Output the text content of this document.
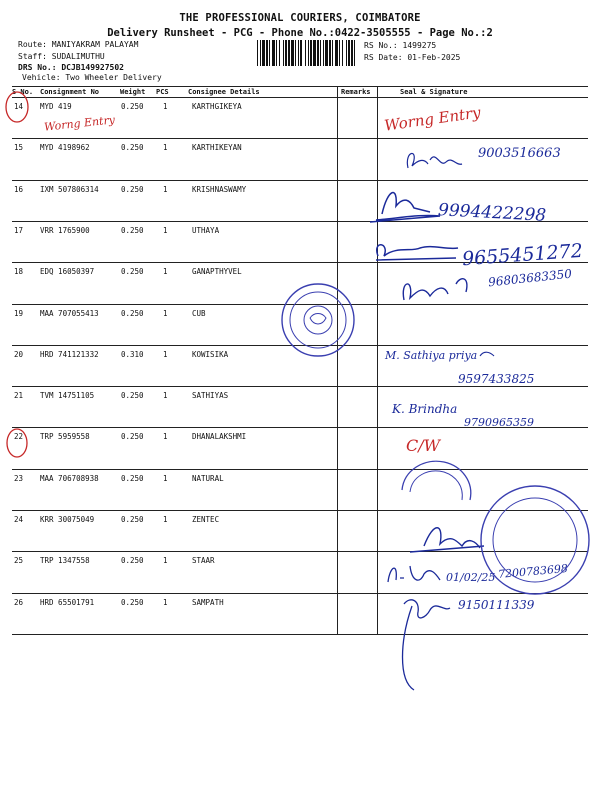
THE PROFESSIONAL COURIERS, COIMBATORE
Delivery Runsheet - PCG - Phone No.:0422-3505555 - Page No.:2
Route: MANIYAKRAM PALAYAM
Staff: SUDALIMUTHU
DRS No.: DCJB149927502
Vehicle: Two Wheeler Delivery
RS No.: 1499275
RS Date: 01-Feb-2025
S No. Consignment No	Weight PCS	Consignee Details	Remarks	Seal & Signature
14 MYD 419	0.250	1	KARTHGIKEYA
15 MYD 4198962	0.250	1	KARTHIKEYAN
16 IXM 507806314	0.250	1	KRISHNASWAMY
17 VRR 1765900	0.250	1	UTHAYA
18 EDQ 16050397	0.250	1	GANAPTHYVEL
19 MAA 707055413	0.250	1	CUB
20 HRD 741121332	0.310	1	KOWISIKA
21 TVM 14751105	0.250	1	SATHIYAS
22 TRP 5959558	0.250	1	DHANALAKSHMI
23 MAA 706708938	0.250	1	NATURAL
24 KRR 30075049	0.250	1	ZENTEC
25 TRP 1347558	0.250	1	STAAR
26 HRD 65501791	0.250	1	SAMPATH
Worng Entry	Worng Entry
9003516663
9994422298
9655451272
96803683350
M. Sathiya priya
9597433825
K. Brindha
9790965359
C/W
01/02/25 7200783698
9150111339
